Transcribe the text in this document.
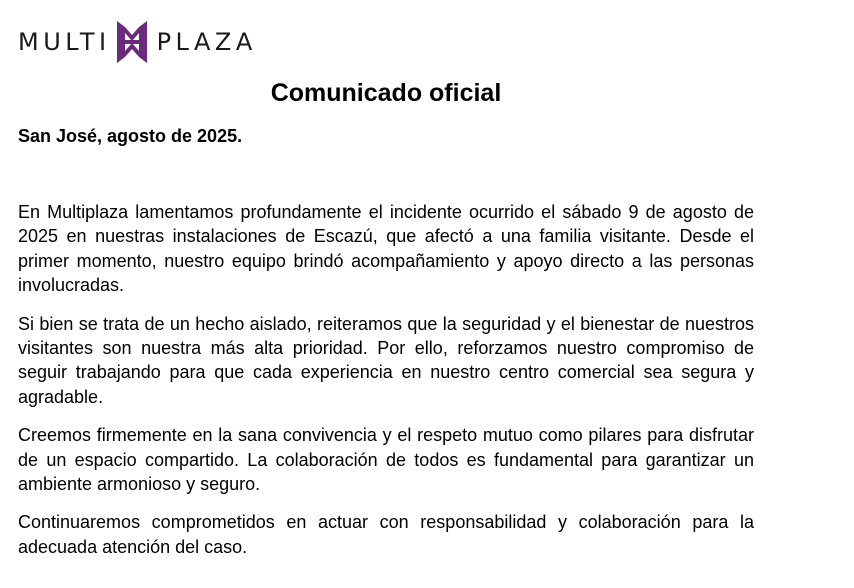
MULTI PLAZA
Comunicado oficial

San José, agosto de 2025.

En Multiplaza lamentamos profundamente el incidente ocurrido el sábado 9 de agosto de 2025 en nuestras instalaciones de Escazú, que afectó a una familia visitante. Desde el primer momento, nuestro equipo brindó acompañamiento y apoyo directo a las personas involucradas.

Si bien se trata de un hecho aislado, reiteramos que la seguridad y el bienestar de nuestros visitantes son nuestra más alta prioridad. Por ello, reforzamos nuestro compromiso de seguir trabajando para que cada experiencia en nuestro centro comercial sea segura y agradable.

Creemos firmemente en la sana convivencia y el respeto mutuo como pilares para disfrutar de un espacio compartido. La colaboración de todos es fundamental para garantizar un ambiente armonioso y seguro.

Continuaremos comprometidos en actuar con responsabilidad y colaboración para la adecuada atención del caso.
